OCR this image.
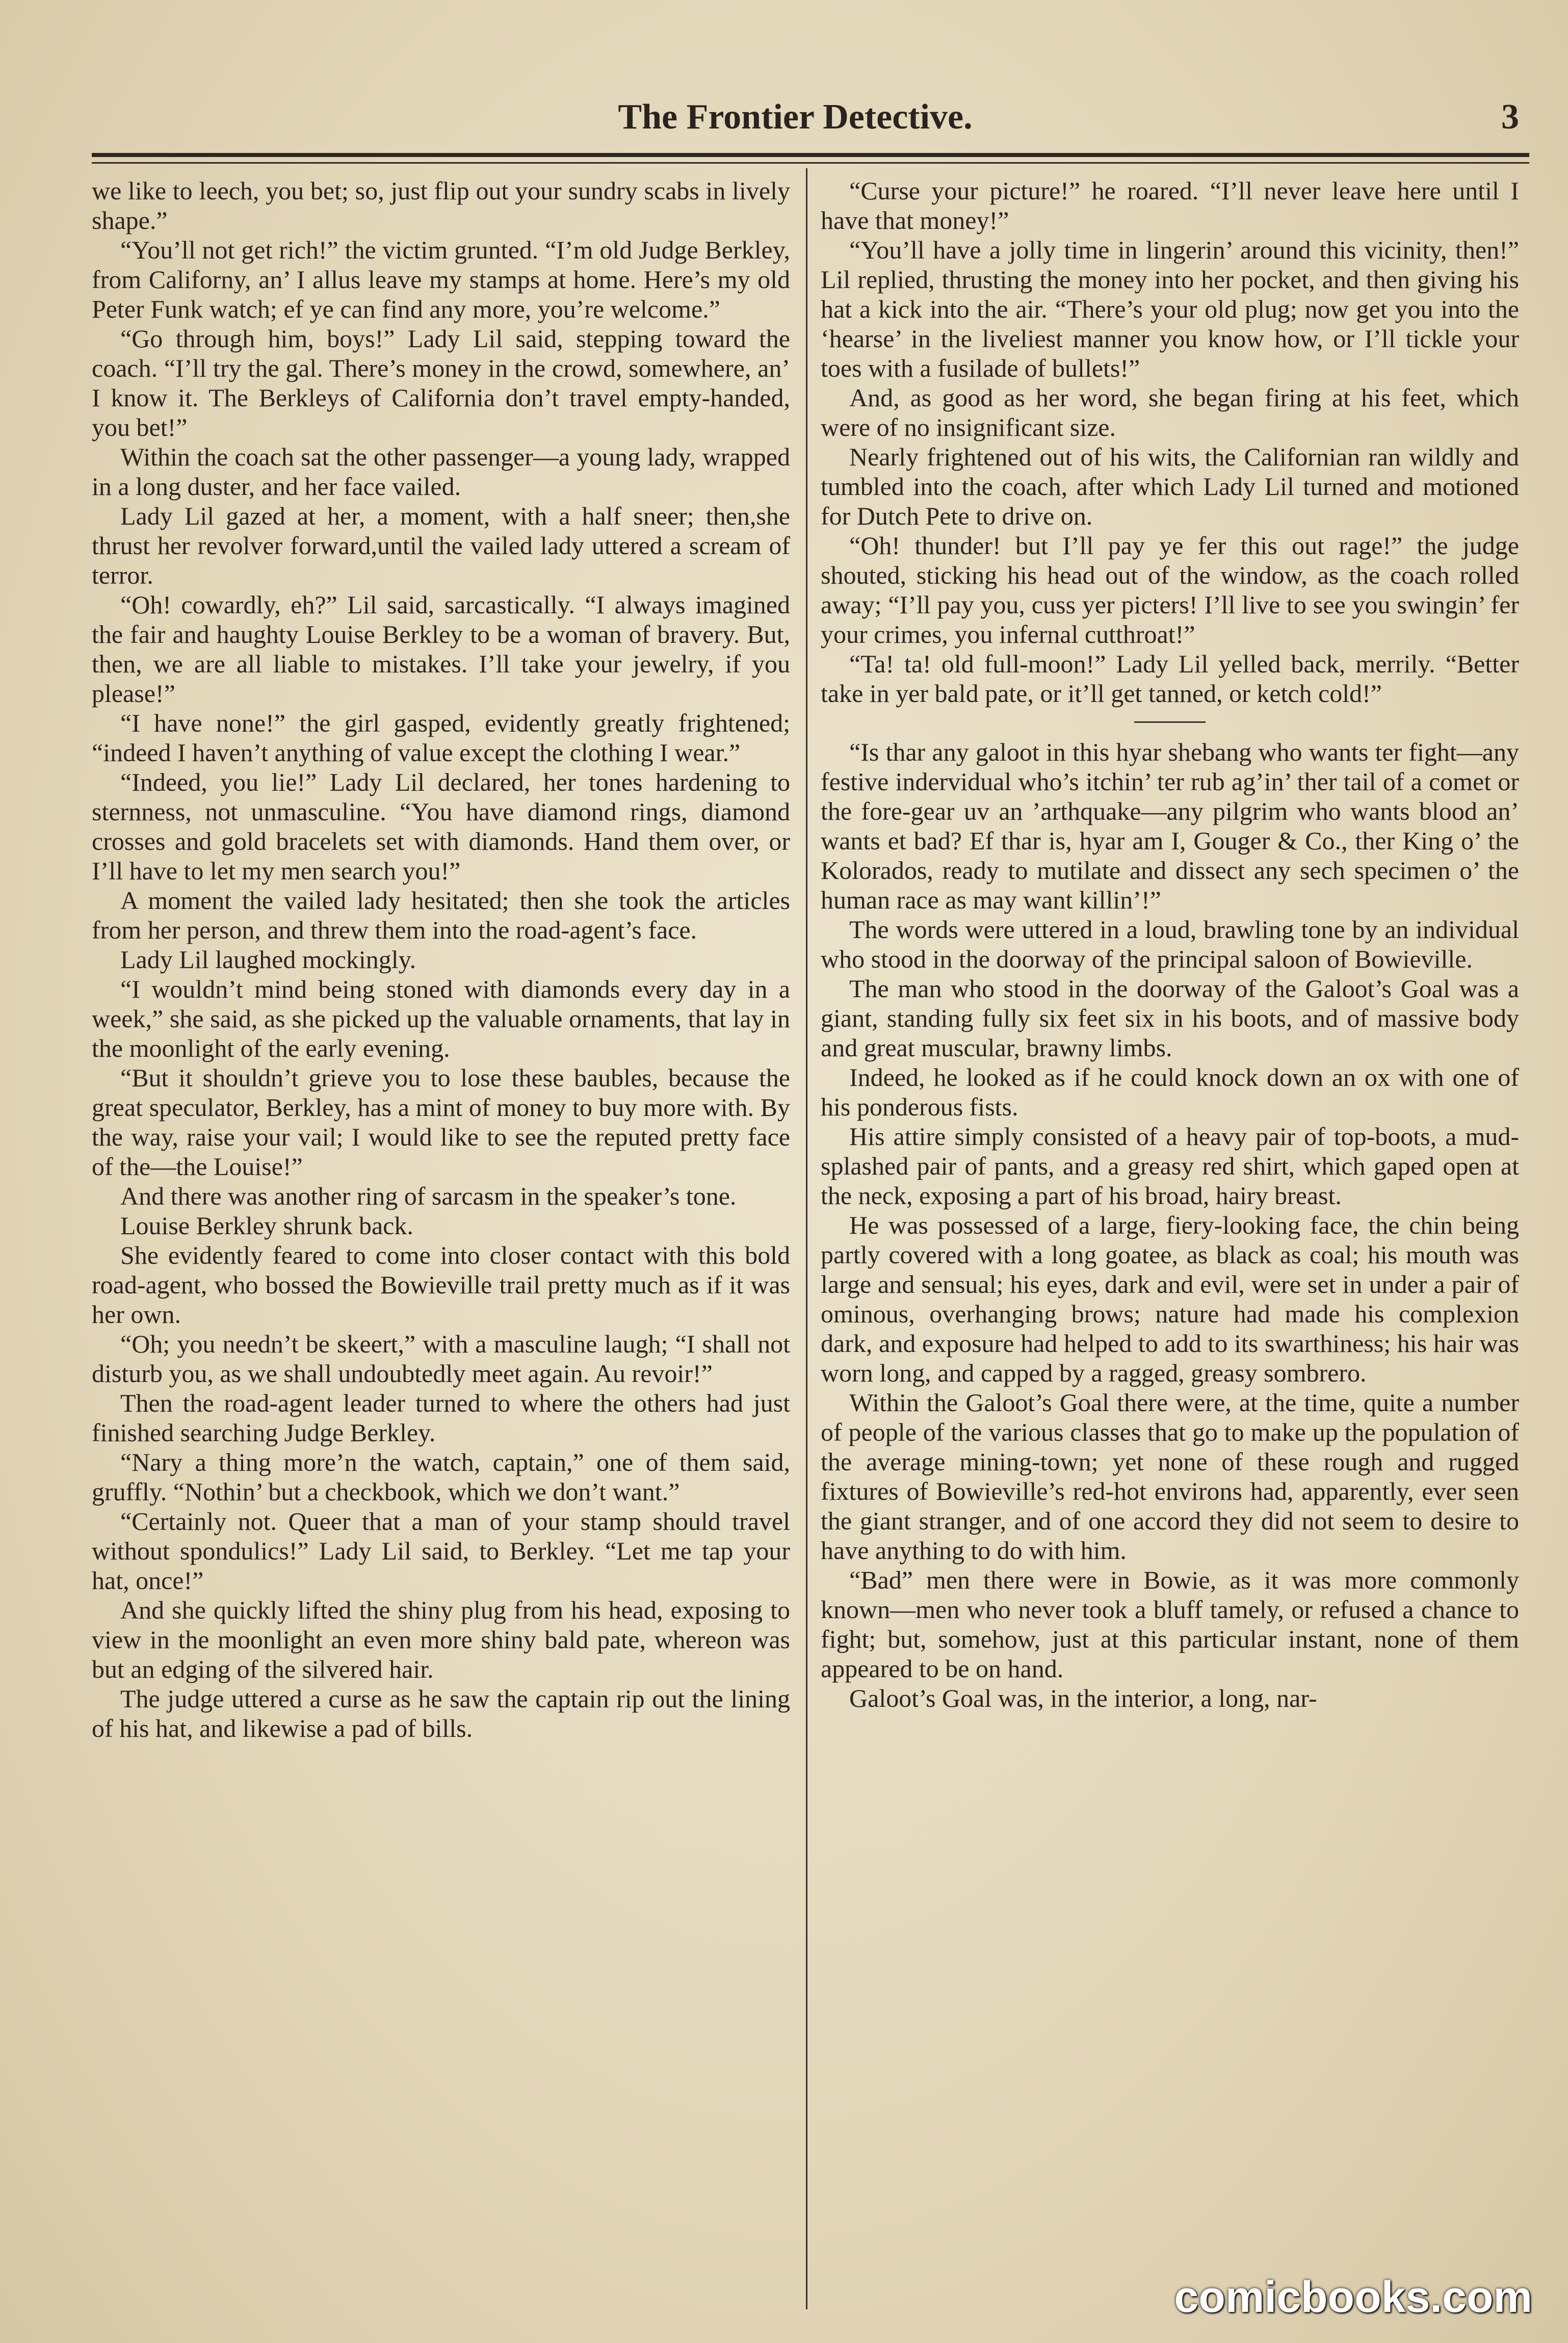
The Frontier Detective.	3

we like to leech, you bet; so, just flip out your sundry scabs in lively shape.”

“You’ll not get rich!” the victim grunted. “I’m old Judge Berkley, from Californy, an’ I allus leave my stamps at home. Here’s my old Peter Funk watch; ef ye can find any more, you’re welcome.”

“Go through him, boys!” Lady Lil said, stepping toward the coach. “I’ll try the gal. There’s money in the crowd, somewhere, an’ I know it. The Berkleys of California don’t travel empty-handed, you bet!”

Within the coach sat the other passenger—a young lady, wrapped in a long duster, and her face vailed.

Lady Lil gazed at her, a moment, with a half sneer; then,she thrust her revolver forward,until the vailed lady uttered a scream of terror.

“Oh! cowardly, eh?” Lil said, sarcastically. “I always imagined the fair and haughty Louise Berkley to be a woman of bravery. But, then, we are all liable to mistakes. I’ll take your jewelry, if you please!”

“I have none!” the girl gasped, evidently greatly frightened; “indeed I haven’t anything of value except the clothing I wear.”

“Indeed, you lie!” Lady Lil declared, her tones hardening to sternness, not unmasculine. “You have diamond rings, diamond crosses and gold bracelets set with diamonds. Hand them over, or I’ll have to let my men search you!”

A moment the vailed lady hesitated; then she took the articles from her person, and threw them into the road-agent’s face.

Lady Lil laughed mockingly.

“I wouldn’t mind being stoned with diamonds every day in a week,” she said, as she picked up the valuable ornaments, that lay in the moonlight of the early evening.

“But it shouldn’t grieve you to lose these baubles, because the great speculator, Berkley, has a mint of money to buy more with. By the way, raise your vail; I would like to see the reputed pretty face of the—the Louise!”

And there was another ring of sarcasm in the speaker’s tone.

Louise Berkley shrunk back.

She evidently feared to come into closer contact with this bold road-agent, who bossed the Bowieville trail pretty much as if it was her own.

“Oh; you needn’t be skeert,” with a masculine laugh; “I shall not disturb you, as we shall undoubtedly meet again. Au revoir!”

Then the road-agent leader turned to where the others had just finished searching Judge Berkley.

“Nary a thing more’n the watch, captain,” one of them said, gruffly. “Nothin’ but a checkbook, which we don’t want.”

“Certainly not. Queer that a man of your stamp should travel without spondulics!” Lady Lil said, to Berkley. “Let me tap your hat, once!”

And she quickly lifted the shiny plug from his head, exposing to view in the moonlight an even more shiny bald pate, whereon was but an edging of the silvered hair.

The judge uttered a curse as he saw the captain rip out the lining of his hat, and likewise a pad of bills.

“Curse your picture!” he roared. “I’ll never leave here until I have that money!”

“You’ll have a jolly time in lingerin’ around this vicinity, then!” Lil replied, thrusting the money into her pocket, and then giving his hat a kick into the air. “There’s your old plug; now get you into the ‘hearse’ in the liveliest manner you know how, or I’ll tickle your toes with a fusilade of bullets!”

And, as good as her word, she began firing at his feet, which were of no insignificant size.

Nearly frightened out of his wits, the Californian ran wildly and tumbled into the coach, after which Lady Lil turned and motioned for Dutch Pete to drive on.

“Oh! thunder! but I’ll pay ye fer this out rage!” the judge shouted, sticking his head out of the window, as the coach rolled away; “I’ll pay you, cuss yer picters! I’ll live to see you swingin’ fer your crimes, you infernal cutthroat!”

“Ta! ta! old full-moon!” Lady Lil yelled back, merrily. “Better take in yer bald pate, or it’ll get tanned, or ketch cold!”

“Is thar any galoot in this hyar shebang who wants ter fight—any festive indervidual who’s itchin’ ter rub ag’in’ ther tail of a comet or the fore-gear uv an ’arthquake—any pilgrim who wants blood an’ wants et bad? Ef thar is, hyar am I, Gouger & Co., ther King o’ the Kolorados, ready to mutilate and dissect any sech specimen o’ the human race as may want killin’!”

The words were uttered in a loud, brawling tone by an individual who stood in the doorway of the principal saloon of Bowieville.

The man who stood in the doorway of the Galoot’s Goal was a giant, standing fully six feet six in his boots, and of massive body and great muscular, brawny limbs.

Indeed, he looked as if he could knock down an ox with one of his ponderous fists.

His attire simply consisted of a heavy pair of top-boots, a mud-splashed pair of pants, and a greasy red shirt, which gaped open at the neck, exposing a part of his broad, hairy breast.

He was possessed of a large, fiery-looking face, the chin being partly covered with a long goatee, as black as coal; his mouth was large and sensual; his eyes, dark and evil, were set in under a pair of ominous, overhanging brows; nature had made his complexion dark, and exposure had helped to add to its swarthiness; his hair was worn long, and capped by a ragged, greasy sombrero.

Within the Galoot’s Goal there were, at the time, quite a number of people of the various classes that go to make up the population of the average mining-town; yet none of these rough and rugged fixtures of Bowieville’s red-hot environs had, apparently, ever seen the giant stranger, and of one accord they did not seem to desire to have anything to do with him.

“Bad” men there were in Bowie, as it was more commonly known—men who never took a bluff tamely, or refused a chance to fight; but, somehow, just at this particular instant, none of them appeared to be on hand.

Galoot’s Goal was, in the interior, a long, nar-

comicbooks.com
